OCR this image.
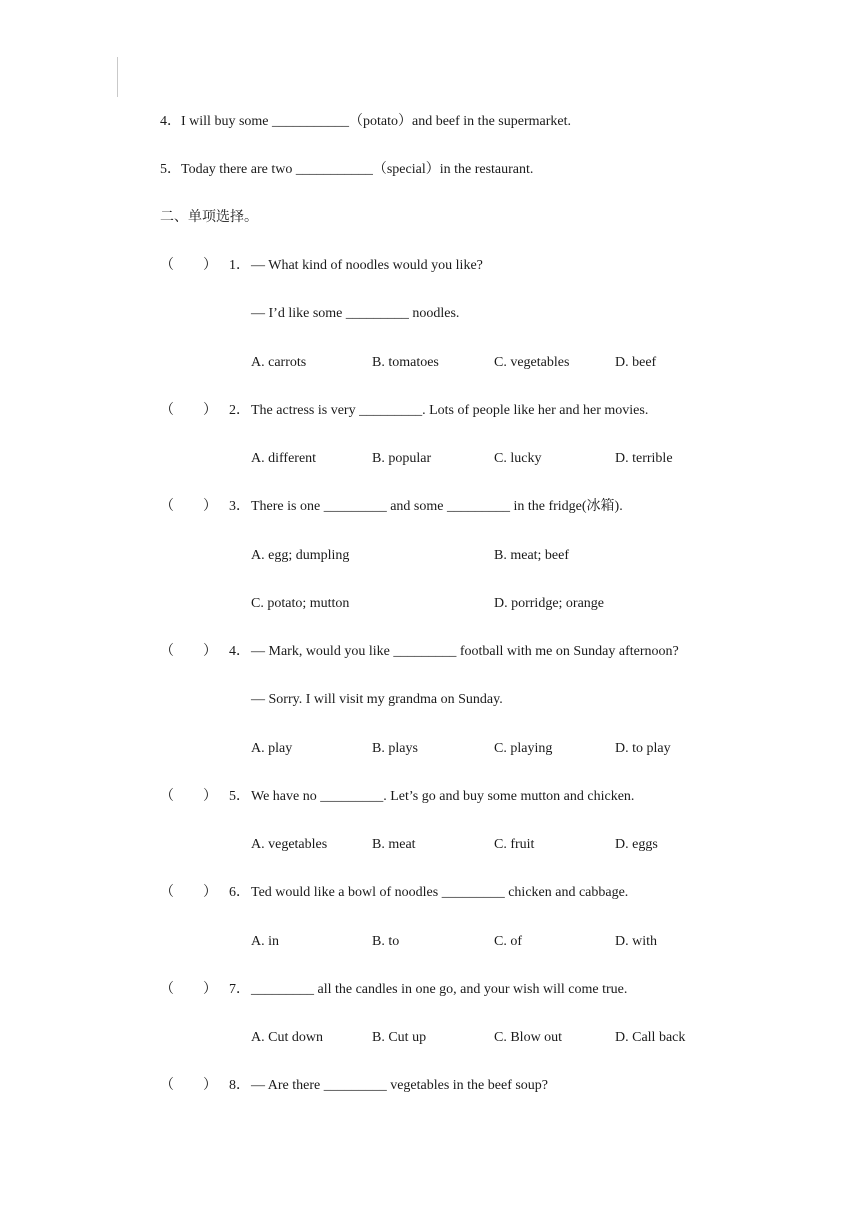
4．I will buy some ___________（potato）and beef in the supermarket.
5．Today there are two ___________（special）in the restaurant.
二、单项选择。
（ ） 1． — What kind of noodles would you like?
— I’d like some _________ noodles.
A. carrots	B. tomatoes	C. vegetables	D. beef
（ ） 2． The actress is very _________. Lots of people like her and her movies.
A. different	B. popular	C. lucky	D. terrible
（ ） 3． There is one _________ and some _________ in the fridge(冰箱).
A. egg; dumpling	B. meat; beef
C. potato; mutton	D. porridge; orange
（ ） 4． — Mark, would you like _________ football with me on Sunday afternoon?
— Sorry. I will visit my grandma on Sunday.
A. play	B. plays	C. playing	D. to play
（ ） 5． We have no _________. Let’s go and buy some mutton and chicken.
A. vegetables	B. meat	C. fruit	D. eggs
（ ） 6． Ted would like a bowl of noodles _________ chicken and cabbage.
A. in	B. to	C. of	D. with
（ ） 7． _________ all the candles in one go, and your wish will come true.
A. Cut down	B. Cut up	C. Blow out	D. Call back
（ ） 8． — Are there _________ vegetables in the beef soup?
